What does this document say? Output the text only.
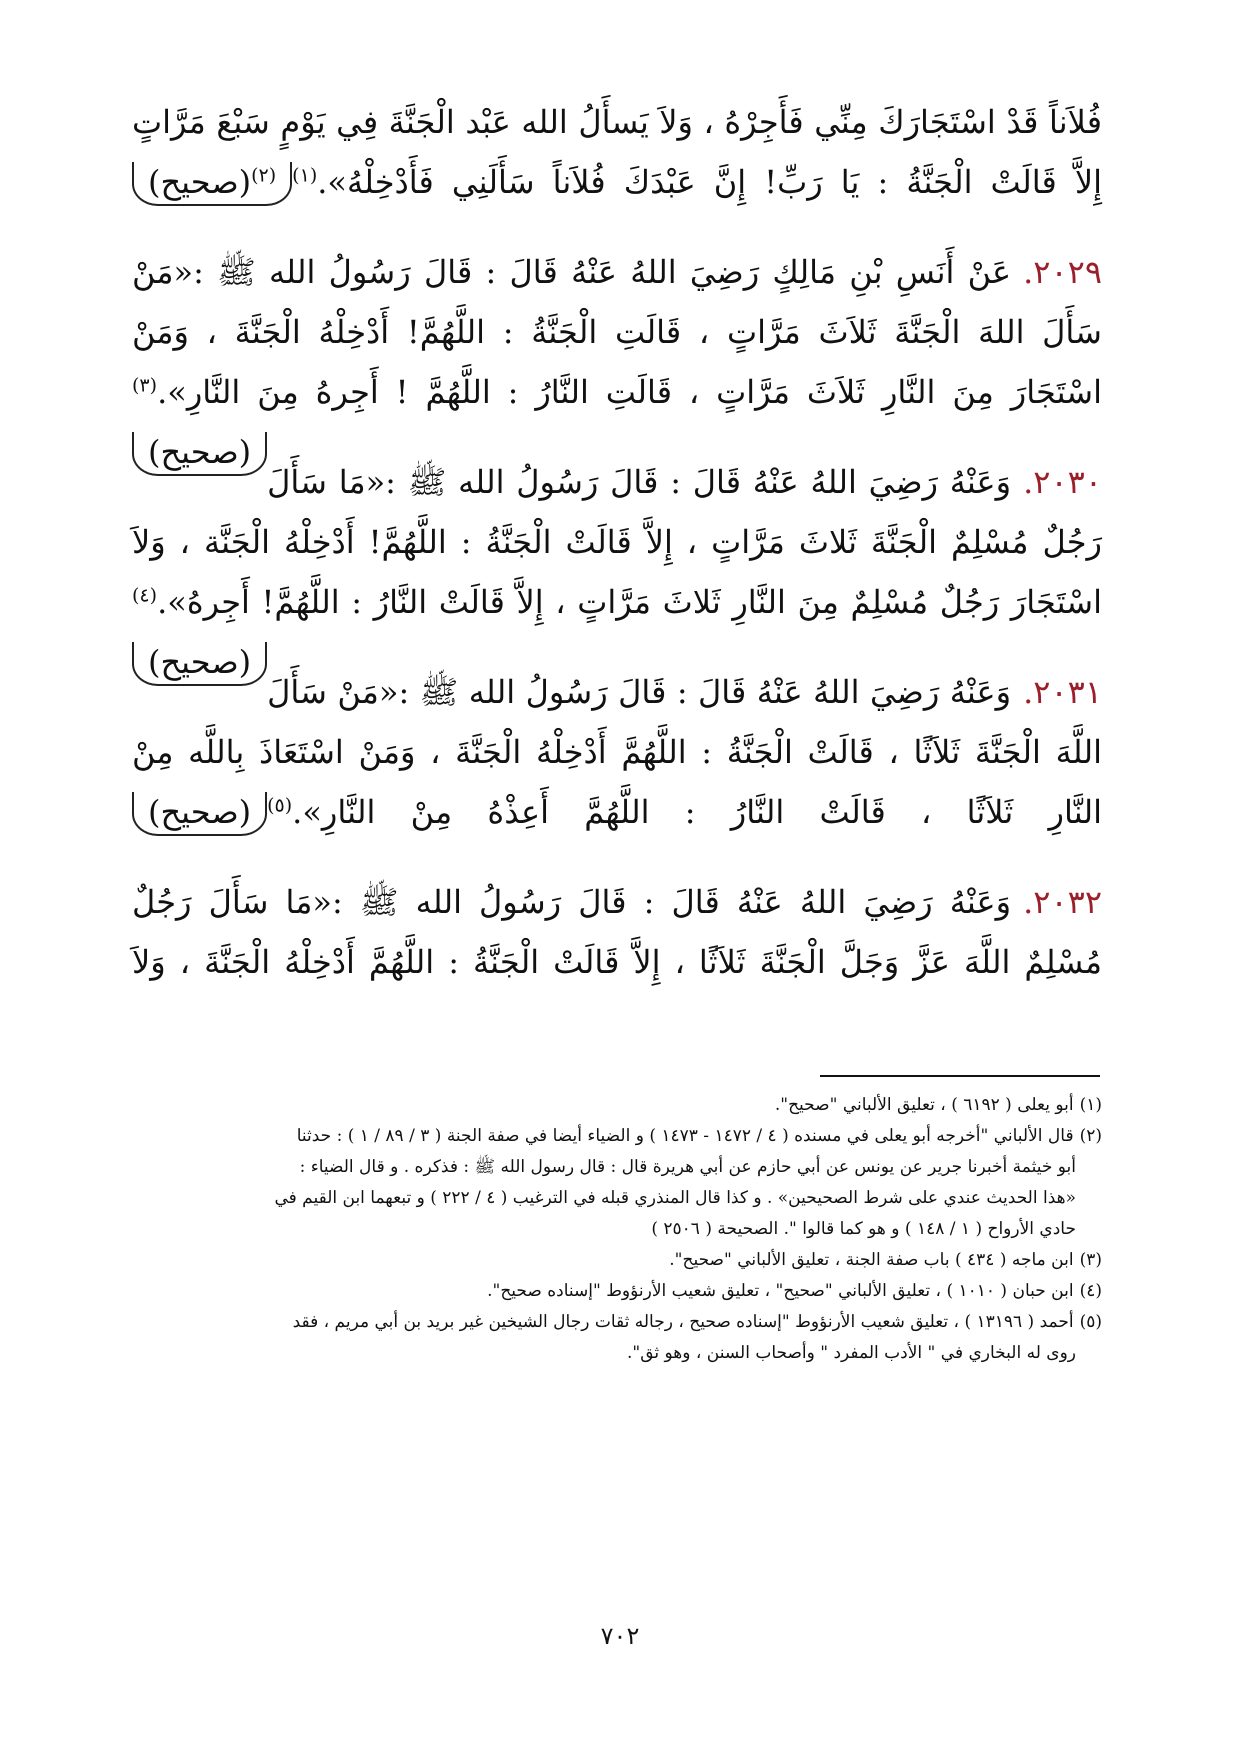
فُلاَناً قَدْ اسْتَجَارَكَ مِنِّي فَأَجِرْهُ ، وَلاَ يَسأَلُ الله عَبْد الْجَنَّةَ فِي يَوْمٍ سَبْعَ مَرَّاتٍ إِلاَّ قَالَتْ الْجَنَّةُ : يَا رَبِّ! إِنَّ عَبْدَكَ فُلاَناً سَأَلَنِي فَأَدْخِلْهُ».$^{(١)}$
$^{(٢)}$(صحيح)

٢٠٢٩.عَنْ أَنَسِ بْنِ مَالِكٍ رَضِيَ اللهُ عَنْهُ قَالَ : قَالَ رَسُولُ الله ﷺ :«مَنْ سَأَلَ اللهَ الْجَنَّةَ ثَلاَثَ مَرَّاتٍ ، قَالَتِ الْجَنَّةُ : اللَّهُمَّ! أَدْخِلْهُ الْجَنَّةَ ، وَمَنْ اسْتَجَارَ مِنَ النَّارِ ثَلاَثَ مَرَّاتٍ ، قَالَتِ النَّارُ : اللَّهُمَّ ! أَجِرهُ مِنَ النَّارِ».$^{(٣)}$
(صحيح)

٢٠٣٠.وَعَنْهُ رَضِيَ اللهُ عَنْهُ قَالَ : قَالَ رَسُولُ الله ﷺ :«مَا سَأَلَ رَجُلٌ مُسْلِمٌ الْجَنَّةَ ثَلاثَ مَرَّاتٍ ، إِلاَّ قَالَتْ الْجَنَّةُ : اللَّهُمَّ! أَدْخِلْهُ الْجَنَّة ، وَلاَ اسْتَجَارَ رَجُلٌ مُسْلِمٌ مِنَ النَّارِ ثَلاثَ مَرَّاتٍ ، إِلاَّ قَالَتْ النَّارُ : اللَّهُمَّ! أَجِرهُ».$^{(٤)}$
(صحيح)

٢٠٣١.وَعَنْهُ رَضِيَ اللهُ عَنْهُ قَالَ : قَالَ رَسُولُ الله ﷺ :«مَنْ سَأَلَ اللَّهَ الْجَنَّةَ ثَلاَثًا ، قَالَتْ الْجَنَّةُ : اللَّهُمَّ أَدْخِلْهُ الْجَنَّةَ ، وَمَنْ اسْتَعَاذَ بِاللَّه مِنْ النَّارِ ثَلاَثًا ، قَالَتْ النَّارُ : اللَّهُمَّ أَعِذْهُ مِنْ النَّارِ».$^{(٥)}$
(صحيح)

٢٠٣٢.وَعَنْهُ رَضِيَ اللهُ عَنْهُ قَالَ : قَالَ رَسُولُ الله ﷺ :«مَا سَأَلَ رَجُلٌ مُسْلِمٌ اللَّهَ عَزَّ وَجَلَّ الْجَنَّةَ ثَلاَثًا ، إِلاَّ قَالَتْ الْجَنَّةُ : اللَّهُمَّ أَدْخِلْهُ الْجَنَّةَ ، وَلاَ

(١)أبو يعلى ( ٦١٩٢ ) ، تعليق الألباني "صحيح".

(٢)قال الألباني "أخرجه أبو يعلى في مسنده ( ٤ / ١٤٧٢ - ١٤٧٣ ) و الضياء أيضا في صفة الجنة ( ٣ / ٨٩ / ١ ) : حدثنا
أبو خيثمة أخبرنا جرير عن يونس عن أبي حازم عن أبي هريرة قال : قال رسول الله ﷺ : فذكره . و قال الضياء :
«هذا الحديث عندي على شرط الصحيحين» . و كذا قال المنذري قبله في الترغيب ( ٤ / ٢٢٢ ) و تبعهما ابن القيم في
حادي الأرواح ( ١ / ١٤٨ ) و هو كما قالوا ". الصحيحة ( ٢٥٠٦ )

(٣)ابن ماجه ( ٤٣٤ ) باب صفة الجنة ، تعليق الألباني "صحيح".

(٤)ابن حبان ( ١٠١٠ ) ، تعليق الألباني "صحيح" ، تعليق شعيب الأرنؤوط "إسناده صحيح".

(٥)أحمد ( ١٣١٩٦ ) ، تعليق شعيب الأرنؤوط "إسناده صحيح ، رجاله ثقات رجال الشيخين غير بريد بن أبي مريم ، فقد
روى له البخاري في " الأدب المفرد " وأصحاب السنن ، وهو ثق".

٧٠٢
